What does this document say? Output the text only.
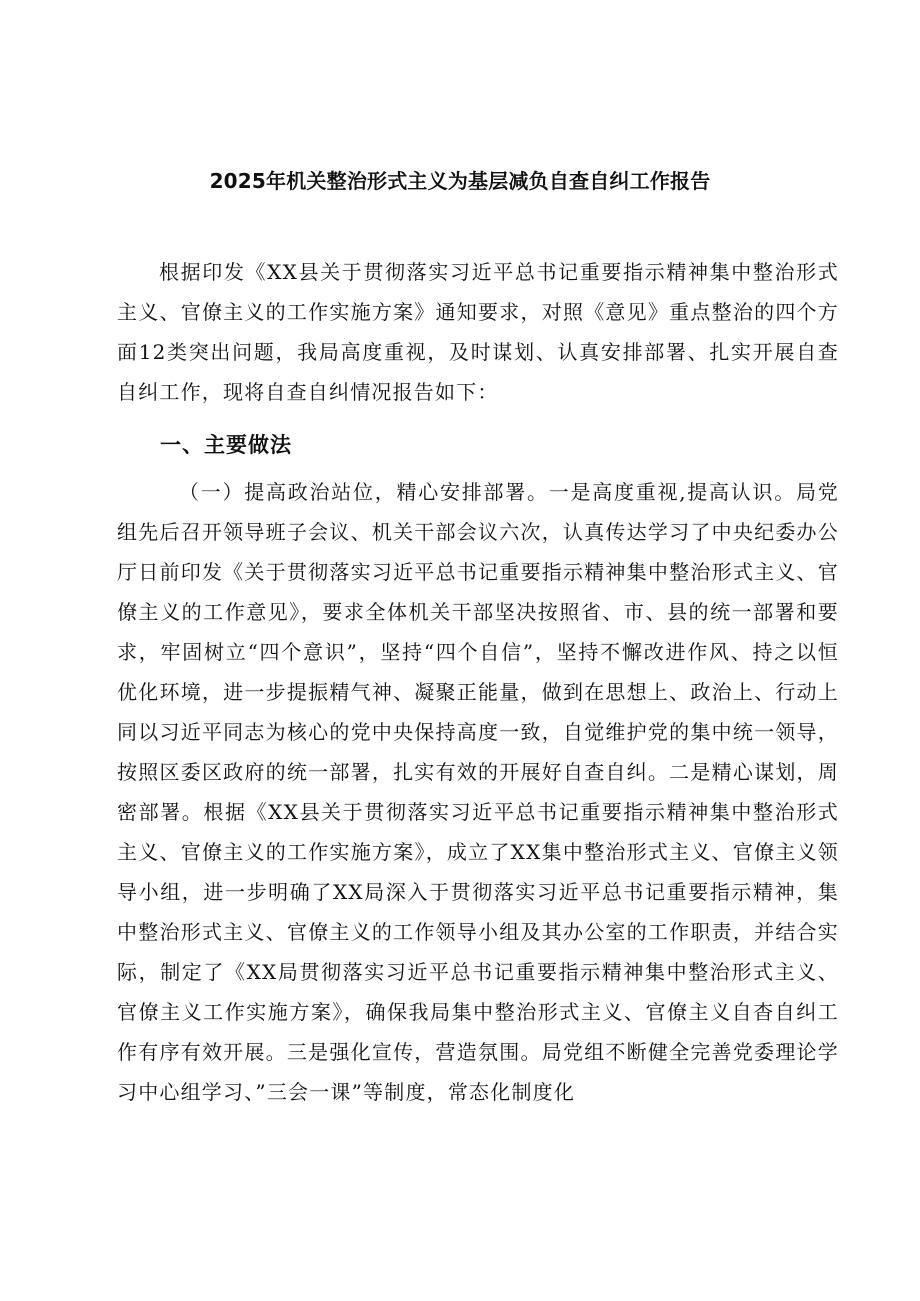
2025年机关整治形式主义为基层减负自查自纠工作报告

根据印发《XX县关于贯彻落实习近平总书记重要指示精神集中整治形式主义、官僚主义的工作实施方案》通知要求，对照《意见》重点整治的四个方面12类突出问题，我局高度重视，及时谋划、认真安排部署、扎实开展自查自纠工作，现将自查自纠情况报告如下：

一、主要做法

（一）提高政治站位，精心安排部署。一是高度重视,提高认识。局党组先后召开领导班子会议、机关干部会议六次，认真传达学习了中央纪委办公厅日前印发《关于贯彻落实习近平总书记重要指示精神集中整治形式主义、官僚主义的工作意见》，要求全体机关干部坚决按照省、市、县的统一部署和要求，牢固树立“四个意识”，坚持“四个自信”，坚持不懈改进作风、持之以恒优化环境，进一步提振精气神、凝聚正能量，做到在思想上、政治上、行动上同以习近平同志为核心的党中央保持高度一致，自觉维护党的集中统一领导，按照区委区政府的统一部署，扎实有效的开展好自查自纠。二是精心谋划，周密部署。根据《XX县关于贯彻落实习近平总书记重要指示精神集中整治形式主义、官僚主义的工作实施方案》，成立了XX集中整治形式主义、官僚主义领导小组，进一步明确了XX局深入于贯彻落实习近平总书记重要指示精神，集中整治形式主义、官僚主义的工作领导小组及其办公室的工作职责，并结合实际，制定了《XX局贯彻落实习近平总书记重要指示精神集中整治形式主义、官僚主义工作实施方案》，确保我局集中整治形式主义、官僚主义自杳自纠工作有序有效开展。三是强化宣传，营造氛围。局党组不断健全完善党委理论学习中心组学习、”三会一课”等制度，常态化制度化
